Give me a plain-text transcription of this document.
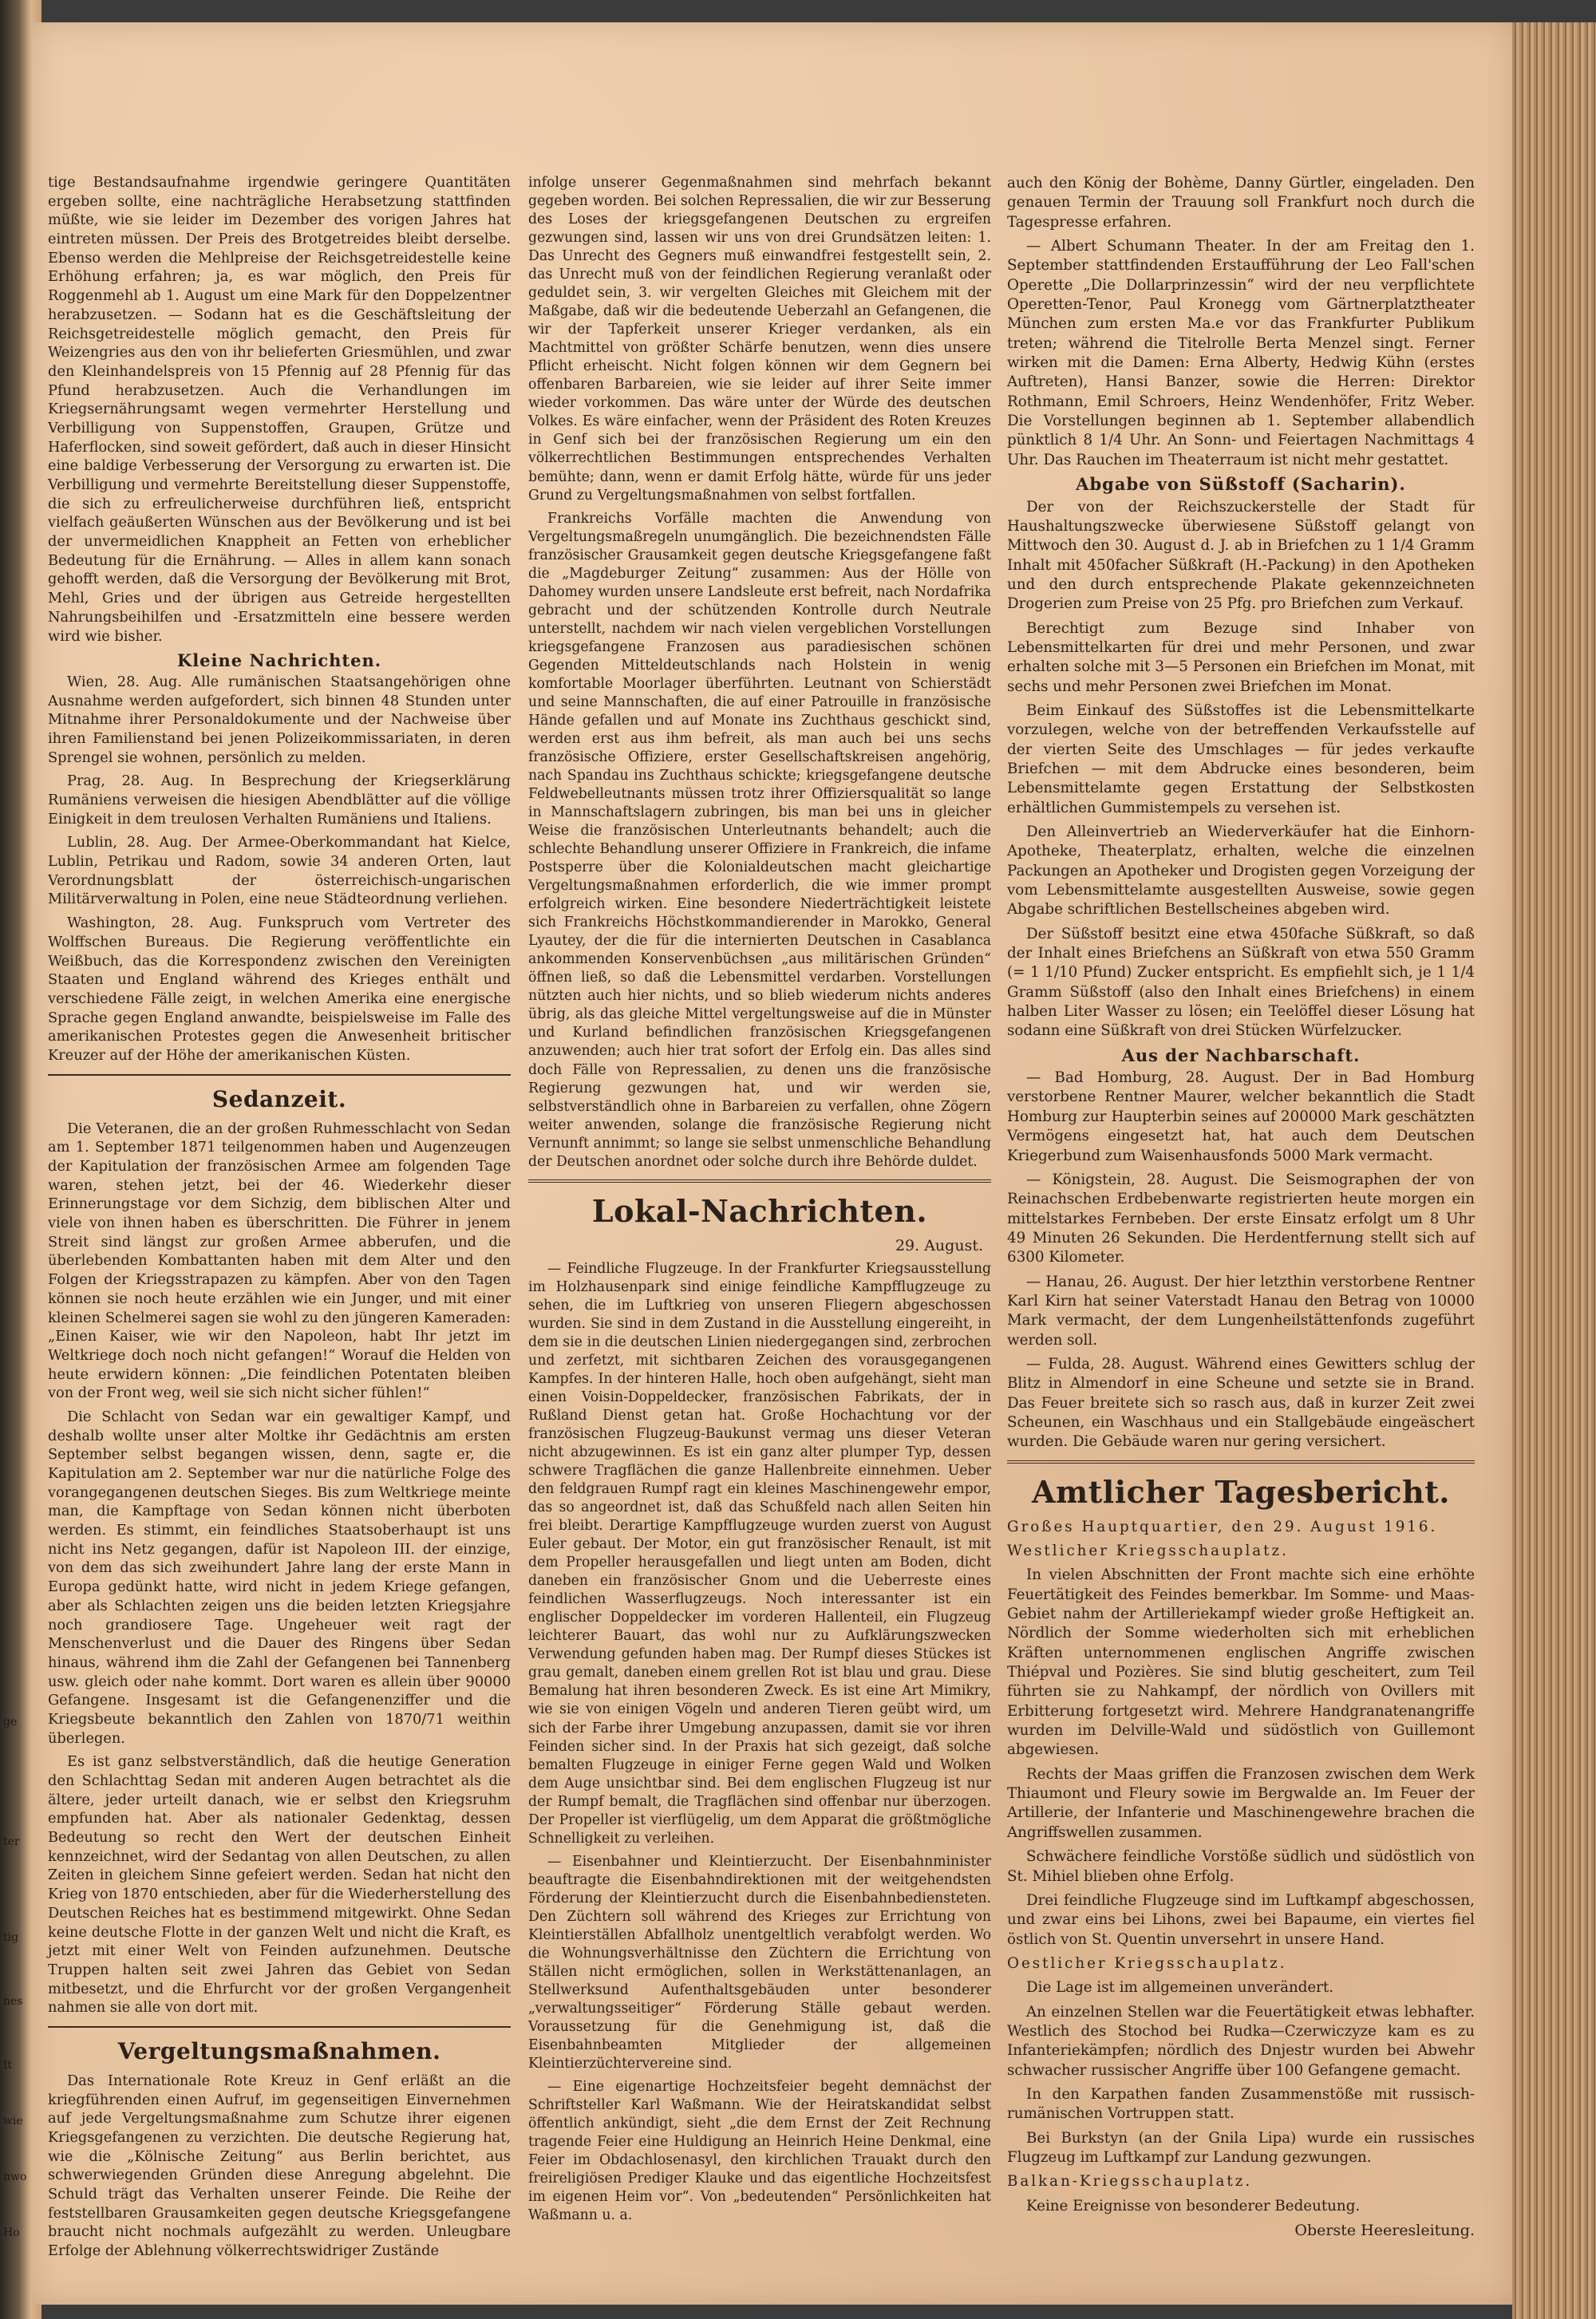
ge
ter
tig
nes
It
wie
nwo
Ho

tige Bestandsaufnahme irgendwie geringere Quantitäten ergeben sollte, eine nachträgliche Herabsetzung stattfinden müßte, wie sie leider im Dezember des vorigen Jahres hat eintreten müssen. Der Preis des Brotgetreides bleibt derselbe. Ebenso werden die Mehlpreise der Reichsgetreidestelle keine Erhöhung erfahren; ja, es war möglich, den Preis für Roggenmehl ab 1. August um eine Mark für den Doppelzentner herabzusetzen. — Sodann hat es die Geschäftsleitung der Reichsgetreidestelle möglich gemacht, den Preis für Weizengries aus den von ihr belieferten Griesmühlen, und zwar den Kleinhandelspreis von 15 Pfennig auf 28 Pfennig für das Pfund herabzusetzen. Auch die Verhandlungen im Kriegsernährungsamt wegen vermehrter Herstellung und Verbilligung von Suppenstoffen, Graupen, Grütze und Haferflocken, sind soweit gefördert, daß auch in dieser Hinsicht eine baldige Verbesserung der Versorgung zu erwarten ist. Die Verbilligung und vermehrte Bereitstellung dieser Suppenstoffe, die sich zu erfreulicherweise durchführen ließ, entspricht vielfach geäußerten Wünschen aus der Bevölkerung und ist bei der unvermeidlichen Knappheit an Fetten von erheblicher Bedeutung für die Ernährung. — Alles in allem kann sonach gehofft werden, daß die Versorgung der Bevölkerung mit Brot, Mehl, Gries und der übrigen aus Getreide hergestellten Nahrungsbeihilfen und -Ersatzmitteln eine bessere werden wird wie bisher.

Kleine Nachrichten.

Wien, 28. Aug. Alle rumänischen Staatsangehörigen ohne Ausnahme werden aufgefordert, sich binnen 48 Stunden unter Mitnahme ihrer Personaldokumente und der Nachweise über ihren Familienstand bei jenen Polizeikommissariaten, in deren Sprengel sie wohnen, persönlich zu melden.

Prag, 28. Aug. In Besprechung der Kriegserklärung Rumäniens verweisen die hiesigen Abendblätter auf die völlige Einigkeit in dem treulosen Verhalten Rumäniens und Italiens.

Lublin, 28. Aug. Der Armee-Oberkommandant hat Kielce, Lublin, Petrikau und Radom, sowie 34 anderen Orten, laut Verordnungsblatt der österreichisch-ungarischen Militärverwaltung in Polen, eine neue Städteordnung verliehen.

Washington, 28. Aug. Funkspruch vom Vertreter des Wolffschen Bureaus. Die Regierung veröffentlichte ein Weißbuch, das die Korrespondenz zwischen den Vereinigten Staaten und England während des Krieges enthält und verschiedene Fälle zeigt, in welchen Amerika eine energische Sprache gegen England anwandte, beispielsweise im Falle des amerikanischen Protestes gegen die Anwesenheit britischer Kreuzer auf der Höhe der amerikanischen Küsten.

Sedanzeit.

Die Veteranen, die an der großen Ruhmesschlacht von Sedan am 1. September 1871 teilgenommen haben und Augenzeugen der Kapitulation der französischen Armee am folgenden Tage waren, stehen jetzt, bei der 46. Wiederkehr dieser Erinnerungstage vor dem Sichzig, dem biblischen Alter und viele von ihnen haben es überschritten. Die Führer in jenem Streit sind längst zur großen Armee abberufen, und die überlebenden Kombattanten haben mit dem Alter und den Folgen der Kriegsstrapazen zu kämpfen. Aber von den Tagen können sie noch heute erzählen wie ein Junger, und mit einer kleinen Schelmerei sagen sie wohl zu den jüngeren Kameraden: „Einen Kaiser, wie wir den Napoleon, habt Ihr jetzt im Weltkriege doch noch nicht gefangen!“ Worauf die Helden von heute erwidern können: „Die feindlichen Potentaten bleiben von der Front weg, weil sie sich nicht sicher fühlen!“

Die Schlacht von Sedan war ein gewaltiger Kampf, und deshalb wollte unser alter Moltke ihr Gedächtnis am ersten September selbst begangen wissen, denn, sagte er, die Kapitulation am 2. September war nur die natürliche Folge des vorangegangenen deutschen Sieges. Bis zum Weltkriege meinte man, die Kampftage von Sedan können nicht überboten werden. Es stimmt, ein feindliches Staatsoberhaupt ist uns nicht ins Netz gegangen, dafür ist Napoleon III. der einzige, von dem das sich zweihundert Jahre lang der erste Mann in Europa gedünkt hatte, wird nicht in jedem Kriege gefangen, aber als Schlachten zeigen uns die beiden letzten Kriegsjahre noch grandiosere Tage. Ungeheuer weit ragt der Menschenverlust und die Dauer des Ringens über Sedan hinaus, während ihm die Zahl der Gefangenen bei Tannenberg usw. gleich oder nahe kommt. Dort waren es allein über 90000 Gefangene. Insgesamt ist die Gefangenenziffer und die Kriegsbeute bekanntlich den Zahlen von 1870/71 weithin überlegen.

Es ist ganz selbstverständlich, daß die heutige Generation den Schlachttag Sedan mit anderen Augen betrachtet als die ältere, jeder urteilt danach, wie er selbst den Kriegsruhm empfunden hat. Aber als nationaler Gedenktag, dessen Bedeutung so recht den Wert der deutschen Einheit kennzeichnet, wird der Sedantag von allen Deutschen, zu allen Zeiten in gleichem Sinne gefeiert werden. Sedan hat nicht den Krieg von 1870 entschieden, aber für die Wiederherstellung des Deutschen Reiches hat es bestimmend mitgewirkt. Ohne Sedan keine deutsche Flotte in der ganzen Welt und nicht die Kraft, es jetzt mit einer Welt von Feinden aufzunehmen. Deutsche Truppen halten seit zwei Jahren das Gebiet von Sedan mitbesetzt, und die Ehrfurcht vor der großen Vergangenheit nahmen sie alle von dort mit.

Vergeltungsmaßnahmen.

Das Internationale Rote Kreuz in Genf erläßt an die kriegführenden einen Aufruf, im gegenseitigen Einvernehmen auf jede Vergeltungsmaßnahme zum Schutze ihrer eigenen Kriegsgefangenen zu verzichten. Die deutsche Regierung hat, wie die „Kölnische Zeitung“ aus Berlin berichtet, aus schwerwiegenden Gründen diese Anregung abgelehnt. Die Schuld trägt das Verhalten unserer Feinde. Die Reihe der feststellbaren Grausamkeiten gegen deutsche Kriegsgefangene braucht nicht nochmals aufgezählt zu werden. Unleugbare Erfolge der Ablehnung völkerrechtswidriger Zustände

infolge unserer Gegenmaßnahmen sind mehrfach bekannt gegeben worden. Bei solchen Repressalien, die wir zur Besserung des Loses der kriegsgefangenen Deutschen zu ergreifen gezwungen sind, lassen wir uns von drei Grundsätzen leiten: 1. Das Unrecht des Gegners muß einwandfrei festgestellt sein, 2. das Unrecht muß von der feindlichen Regierung veranlaßt oder geduldet sein, 3. wir vergelten Gleiches mit Gleichem mit der Maßgabe, daß wir die bedeutende Ueberzahl an Gefangenen, die wir der Tapferkeit unserer Krieger verdanken, als ein Machtmittel von größter Schärfe benutzen, wenn dies unsere Pflicht erheischt. Nicht folgen können wir dem Gegnern bei offenbaren Barbareien, wie sie leider auf ihrer Seite immer wieder vorkommen. Das wäre unter der Würde des deutschen Volkes. Es wäre einfacher, wenn der Präsident des Roten Kreuzes in Genf sich bei der französischen Regierung um ein den völkerrechtlichen Bestimmungen entsprechendes Verhalten bemühte; dann, wenn er damit Erfolg hätte, würde für uns jeder Grund zu Vergeltungsmaßnahmen von selbst fortfallen.

Frankreichs Vorfälle machten die Anwendung von Vergeltungsmaßregeln unumgänglich. Die bezeichnendsten Fälle französischer Grausamkeit gegen deutsche Kriegsgefangene faßt die „Magdeburger Zeitung“ zusammen: Aus der Hölle von Dahomey wurden unsere Landsleute erst befreit, nach Nordafrika gebracht und der schützenden Kontrolle durch Neutrale unterstellt, nachdem wir nach vielen vergeblichen Vorstellungen kriegsgefangene Franzosen aus paradiesischen schönen Gegenden Mitteldeutschlands nach Holstein in wenig komfortable Moorlager überführten. Leutnant von Schierstädt und seine Mannschaften, die auf einer Patrouille in französische Hände gefallen und auf Monate ins Zuchthaus geschickt sind, werden erst aus ihm befreit, als man auch bei uns sechs französische Offiziere, erster Gesellschaftskreisen angehörig, nach Spandau ins Zuchthaus schickte; kriegsgefangene deutsche Feldwebelleutnants müssen trotz ihrer Offiziersqualität so lange in Mannschaftslagern zubringen, bis man bei uns in gleicher Weise die französischen Unterleutnants behandelt; auch die schlechte Behandlung unserer Offiziere in Frankreich, die infame Postsperre über die Kolonialdeutschen macht gleichartige Vergeltungsmaßnahmen erforderlich, die wie immer prompt erfolgreich wirken. Eine besondere Niederträchtigkeit leistete sich Frankreichs Höchstkommandierender in Marokko, General Lyautey, der die für die internierten Deutschen in Casablanca ankommenden Konservenbüchsen „aus militärischen Gründen“ öffnen ließ, so daß die Lebensmittel verdarben. Vorstellungen nützten auch hier nichts, und so blieb wiederum nichts anderes übrig, als das gleiche Mittel vergeltungsweise auf die in Münster und Kurland befindlichen französischen Kriegsgefangenen anzuwenden; auch hier trat sofort der Erfolg ein. Das alles sind doch Fälle von Repressalien, zu denen uns die französische Regierung gezwungen hat, und wir werden sie, selbstverständlich ohne in Barbareien zu verfallen, ohne Zögern weiter anwenden, solange die französische Regierung nicht Vernunft annimmt; so lange sie selbst unmenschliche Behandlung der Deutschen anordnet oder solche durch ihre Behörde duldet.

Lokal-Nachrichten.
29. August.

— Feindliche Flugzeuge. In der Frankfurter Kriegsausstellung im Holzhausenpark sind einige feindliche Kampfflugzeuge zu sehen, die im Luftkrieg von unseren Fliegern abgeschossen wurden. Sie sind in dem Zustand in die Ausstellung eingereiht, in dem sie in die deutschen Linien niedergegangen sind, zerbrochen und zerfetzt, mit sichtbaren Zeichen des vorausgegangenen Kampfes. In der hinteren Halle, hoch oben aufgehängt, sieht man einen Voisin-Doppeldecker, französischen Fabrikats, der in Rußland Dienst getan hat. Große Hochachtung vor der französischen Flugzeug-Baukunst vermag uns dieser Veteran nicht abzugewinnen. Es ist ein ganz alter plumper Typ, dessen schwere Tragflächen die ganze Hallenbreite einnehmen. Ueber den feldgrauen Rumpf ragt ein kleines Maschinengewehr empor, das so angeordnet ist, daß das Schußfeld nach allen Seiten hin frei bleibt. Derartige Kampfflugzeuge wurden zuerst von August Euler gebaut. Der Motor, ein gut französischer Renault, ist mit dem Propeller herausgefallen und liegt unten am Boden, dicht daneben ein französischer Gnom und die Ueberreste eines feindlichen Wasserflugzeugs. Noch interessanter ist ein englischer Doppeldecker im vorderen Hallenteil, ein Flugzeug leichterer Bauart, das wohl nur zu Aufklärungszwecken Verwendung gefunden haben mag. Der Rumpf dieses Stückes ist grau gemalt, daneben einem grellen Rot ist blau und grau. Diese Bemalung hat ihren besonderen Zweck. Es ist eine Art Mimikry, wie sie von einigen Vögeln und anderen Tieren geübt wird, um sich der Farbe ihrer Umgebung anzupassen, damit sie vor ihren Feinden sicher sind. In der Praxis hat sich gezeigt, daß solche bemalten Flugzeuge in einiger Ferne gegen Wald und Wolken dem Auge unsichtbar sind. Bei dem englischen Flugzeug ist nur der Rumpf bemalt, die Tragflächen sind offenbar nur überzogen. Der Propeller ist vierflügelig, um dem Apparat die größtmögliche Schnelligkeit zu verleihen.

— Eisenbahner und Kleintierzucht. Der Eisenbahnminister beauftragte die Eisenbahndirektionen mit der weitgehendsten Förderung der Kleintierzucht durch die Eisenbahnbediensteten. Den Züchtern soll während des Krieges zur Errichtung von Kleintierställen Abfallholz unentgeltlich verabfolgt werden. Wo die Wohnungsverhältnisse den Züchtern die Errichtung von Ställen nicht ermöglichen, sollen in Werkstättenanlagen, an Stellwerksund Aufenthaltsgebäuden unter besonderer „verwaltungsseitiger“ Förderung Ställe gebaut werden. Voraussetzung für die Genehmigung ist, daß die Eisenbahnbeamten Mitglieder der allgemeinen Kleintierzüchtervereine sind.

— Eine eigenartige Hochzeitsfeier begeht demnächst der Schriftsteller Karl Waßmann. Wie der Heiratskandidat selbst öffentlich ankündigt, sieht „die dem Ernst der Zeit Rechnung tragende Feier eine Huldigung an Heinrich Heine Denkmal, eine Feier im Obdachlosenasyl, den kirchlichen Trauakt durch den freireligiösen Prediger Klauke und das eigentliche Hochzeitsfest im eigenen Heim vor“. Von „bedeutenden“ Persönlichkeiten hat Waßmann u. a.

auch den König der Bohème, Danny Gürtler, eingeladen. Den genauen Termin der Trauung soll Frankfurt noch durch die Tagespresse erfahren.

— Albert Schumann Theater. In der am Freitag den 1. September stattfindenden Erstaufführung der Leo Fall'schen Operette „Die Dollarprinzessin“ wird der neu verpflichtete Operetten-Tenor, Paul Kronegg vom Gärtnerplatztheater München zum ersten Ma.e vor das Frankfurter Publikum treten; während die Titelrolle Berta Menzel singt. Ferner wirken mit die Damen: Erna Alberty, Hedwig Kühn (erstes Auftreten), Hansi Banzer, sowie die Herren: Direktor Rothmann, Emil Schroers, Heinz Wendenhöfer, Fritz Weber. Die Vorstellungen beginnen ab 1. September allabendlich pünktlich 8 1/4 Uhr. An Sonn- und Feiertagen Nachmittags 4 Uhr. Das Rauchen im Theaterraum ist nicht mehr gestattet.

Abgabe von Süßstoff (Sacharin).

Der von der Reichszuckerstelle der Stadt für Haushaltungszwecke überwiesene Süßstoff gelangt von Mittwoch den 30. August d. J. ab in Briefchen zu 1 1/4 Gramm Inhalt mit 450facher Süßkraft (H.-Packung) in den Apotheken und den durch entsprechende Plakate gekennzeichneten Drogerien zum Preise von 25 Pfg. pro Briefchen zum Verkauf.

Berechtigt zum Bezuge sind Inhaber von Lebensmittelkarten für drei und mehr Personen, und zwar erhalten solche mit 3—5 Personen ein Briefchen im Monat, mit sechs und mehr Personen zwei Briefchen im Monat.

Beim Einkauf des Süßstoffes ist die Lebensmittelkarte vorzulegen, welche von der betreffenden Verkaufsstelle auf der vierten Seite des Umschlages — für jedes verkaufte Briefchen — mit dem Abdrucke eines besonderen, beim Lebensmittelamte gegen Erstattung der Selbstkosten erhältlichen Gummistempels zu versehen ist.

Den Alleinvertrieb an Wiederverkäufer hat die Einhorn-Apotheke, Theaterplatz, erhalten, welche die einzelnen Packungen an Apotheker und Drogisten gegen Vorzeigung der vom Lebensmittelamte ausgestellten Ausweise, sowie gegen Abgabe schriftlichen Bestellscheines abgeben wird.

Der Süßstoff besitzt eine etwa 450fache Süßkraft, so daß der Inhalt eines Briefchens an Süßkraft von etwa 550 Gramm (= 1 1/10 Pfund) Zucker entspricht. Es empfiehlt sich, je 1 1/4 Gramm Süßstoff (also den Inhalt eines Briefchens) in einem halben Liter Wasser zu lösen; ein Teelöffel dieser Lösung hat sodann eine Süßkraft von drei Stücken Würfelzucker.

Aus der Nachbarschaft.

— Bad Homburg, 28. August. Der in Bad Homburg verstorbene Rentner Maurer, welcher bekanntlich die Stadt Homburg zur Haupterbin seines auf 200000 Mark geschätzten Vermögens eingesetzt hat, hat auch dem Deutschen Kriegerbund zum Waisenhausfonds 5000 Mark vermacht.

— Königstein, 28. August. Die Seismographen der von Reinachschen Erdbebenwarte registrierten heute morgen ein mittelstarkes Fernbeben. Der erste Einsatz erfolgt um 8 Uhr 49 Minuten 26 Sekunden. Die Herdentfernung stellt sich auf 6300 Kilometer.

— Hanau, 26. August. Der hier letzthin verstorbene Rentner Karl Kirn hat seiner Vaterstadt Hanau den Betrag von 10000 Mark vermacht, der dem Lungenheilstättenfonds zugeführt werden soll.

— Fulda, 28. August. Während eines Gewitters schlug der Blitz in Almendorf in eine Scheune und setzte sie in Brand. Das Feuer breitete sich so rasch aus, daß in kurzer Zeit zwei Scheunen, ein Waschhaus und ein Stallgebäude eingeäschert wurden. Die Gebäude waren nur gering versichert.

Amtlicher Tagesbericht.

Großes Hauptquartier, den 29. August 1916.

Westlicher Kriegsschauplatz.

In vielen Abschnitten der Front machte sich eine erhöhte Feuertätigkeit des Feindes bemerkbar. Im Somme- und Maas-Gebiet nahm der Artilleriekampf wieder große Heftigkeit an. Nördlich der Somme wiederholten sich mit erheblichen Kräften unternommenen englischen Angriffe zwischen Thiépval und Pozières. Sie sind blutig gescheitert, zum Teil führten sie zu Nahkampf, der nördlich von Ovillers mit Erbitterung fortgesetzt wird. Mehrere Handgranatenangriffe wurden im Delville-Wald und südöstlich von Guillemont abgewiesen.

Rechts der Maas griffen die Franzosen zwischen dem Werk Thiaumont und Fleury sowie im Bergwalde an. Im Feuer der Artillerie, der Infanterie und Maschinengewehre brachen die Angriffswellen zusammen.

Schwächere feindliche Vorstöße südlich und südöstlich von St. Mihiel blieben ohne Erfolg.

Drei feindliche Flugzeuge sind im Luftkampf abgeschossen, und zwar eins bei Lihons, zwei bei Bapaume, ein viertes fiel östlich von St. Quentin unversehrt in unsere Hand.

Oestlicher Kriegsschauplatz.

Die Lage ist im allgemeinen unverändert.

An einzelnen Stellen war die Feuertätigkeit etwas lebhafter. Westlich des Stochod bei Rudka—Czerwiczyze kam es zu Infanteriekämpfen; nördlich des Dnjestr wurden bei Abwehr schwacher russischer Angriffe über 100 Gefangene gemacht.

In den Karpathen fanden Zusammenstöße mit russisch-rumänischen Vortruppen statt.

Bei Burkstyn (an der Gnila Lipa) wurde ein russisches Flugzeug im Luftkampf zur Landung gezwungen.

Balkan-Kriegsschauplatz.

Keine Ereignisse von besonderer Bedeutung.

Oberste Heeresleitung.
